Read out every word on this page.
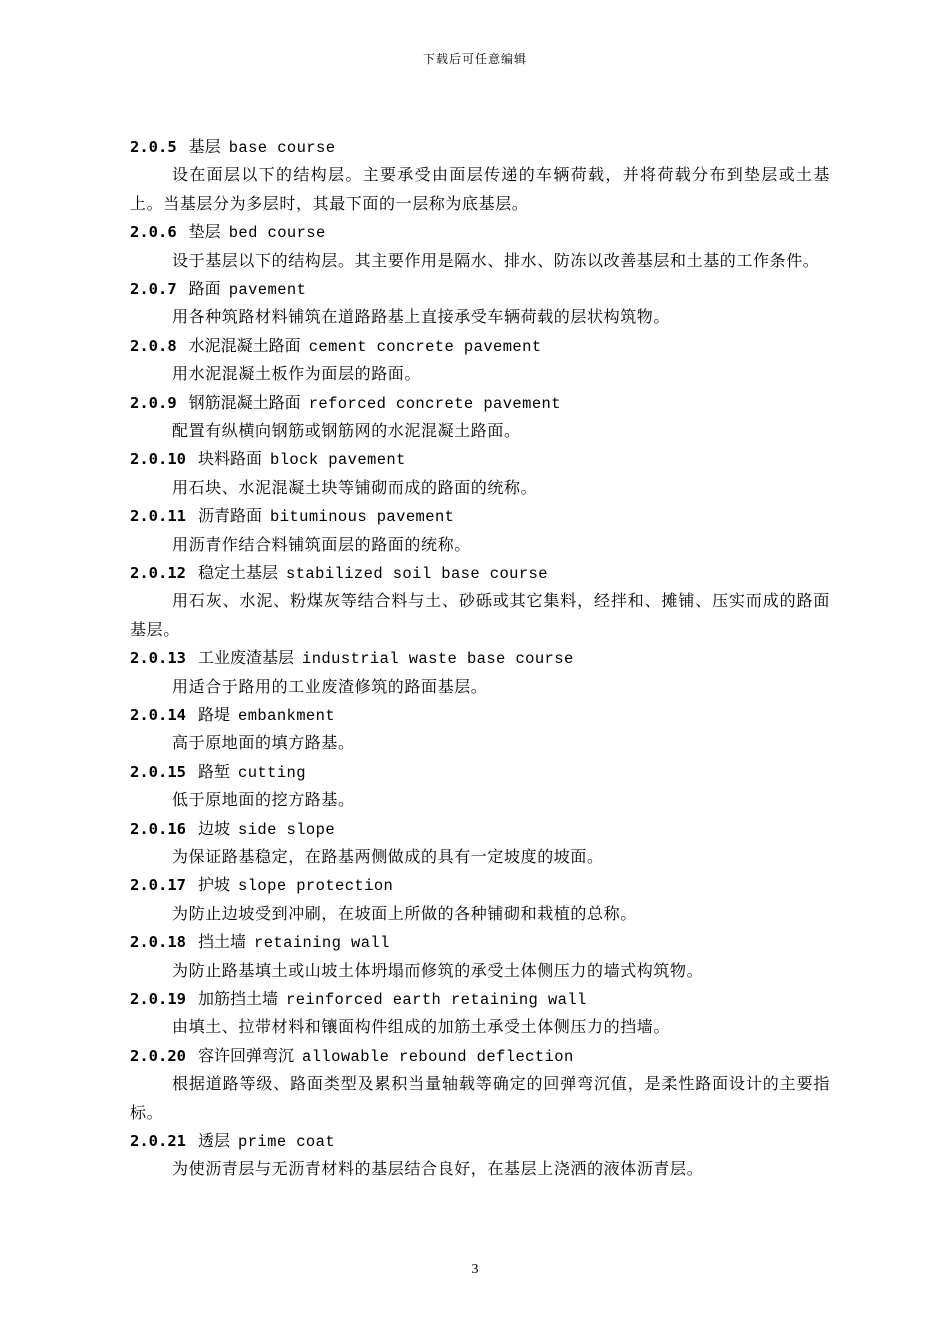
下载后可任意编辑
2.0.5 基层 base course
设在面层以下的结构层。主要承受由面层传递的车辆荷载，并将荷载分布到垫层或土基上。当基层分为多层时，其最下面的一层称为底基层。
2.0.6 垫层 bed course
设于基层以下的结构层。其主要作用是隔水、排水、防冻以改善基层和土基的工作条件。
2.0.7 路面 pavement
用各种筑路材料铺筑在道路路基上直接承受车辆荷载的层状构筑物。
2.0.8 水泥混凝土路面 cement concrete pavement
用水泥混凝土板作为面层的路面。
2.0.9 钢筋混凝土路面 reforced concrete pavement
配置有纵横向钢筋或钢筋网的水泥混凝土路面。
2.0.10 块料路面 block pavement
用石块、水泥混凝土块等铺砌而成的路面的统称。
2.0.11 沥青路面 bituminous pavement
用沥青作结合料铺筑面层的路面的统称。
2.0.12 稳定土基层 stabilized soil base course
用石灰、水泥、粉煤灰等结合料与土、砂砾或其它集料，经拌和、摊铺、压实而成的路面基层。
2.0.13 工业废渣基层 industrial waste base course
用适合于路用的工业废渣修筑的路面基层。
2.0.14 路堤 embankment
高于原地面的填方路基。
2.0.15 路堑 cutting
低于原地面的挖方路基。
2.0.16 边坡 side slope
为保证路基稳定，在路基两侧做成的具有一定坡度的坡面。
2.0.17 护坡 slope protection
为防止边坡受到冲刷，在坡面上所做的各种铺砌和栽植的总称。
2.0.18 挡土墙 retaining wall
为防止路基填土或山坡土体坍塌而修筑的承受土体侧压力的墙式构筑物。
2.0.19 加筋挡土墙 reinforced earth retaining wall
由填土、拉带材料和镶面构件组成的加筋土承受土体侧压力的挡墙。
2.0.20 容许回弹弯沉 allowable rebound deflection
根据道路等级、路面类型及累积当量轴载等确定的回弹弯沉值，是柔性路面设计的主要指标。
2.0.21 透层 prime coat
为使沥青层与无沥青材料的基层结合良好，在基层上浇洒的液体沥青层。
3
